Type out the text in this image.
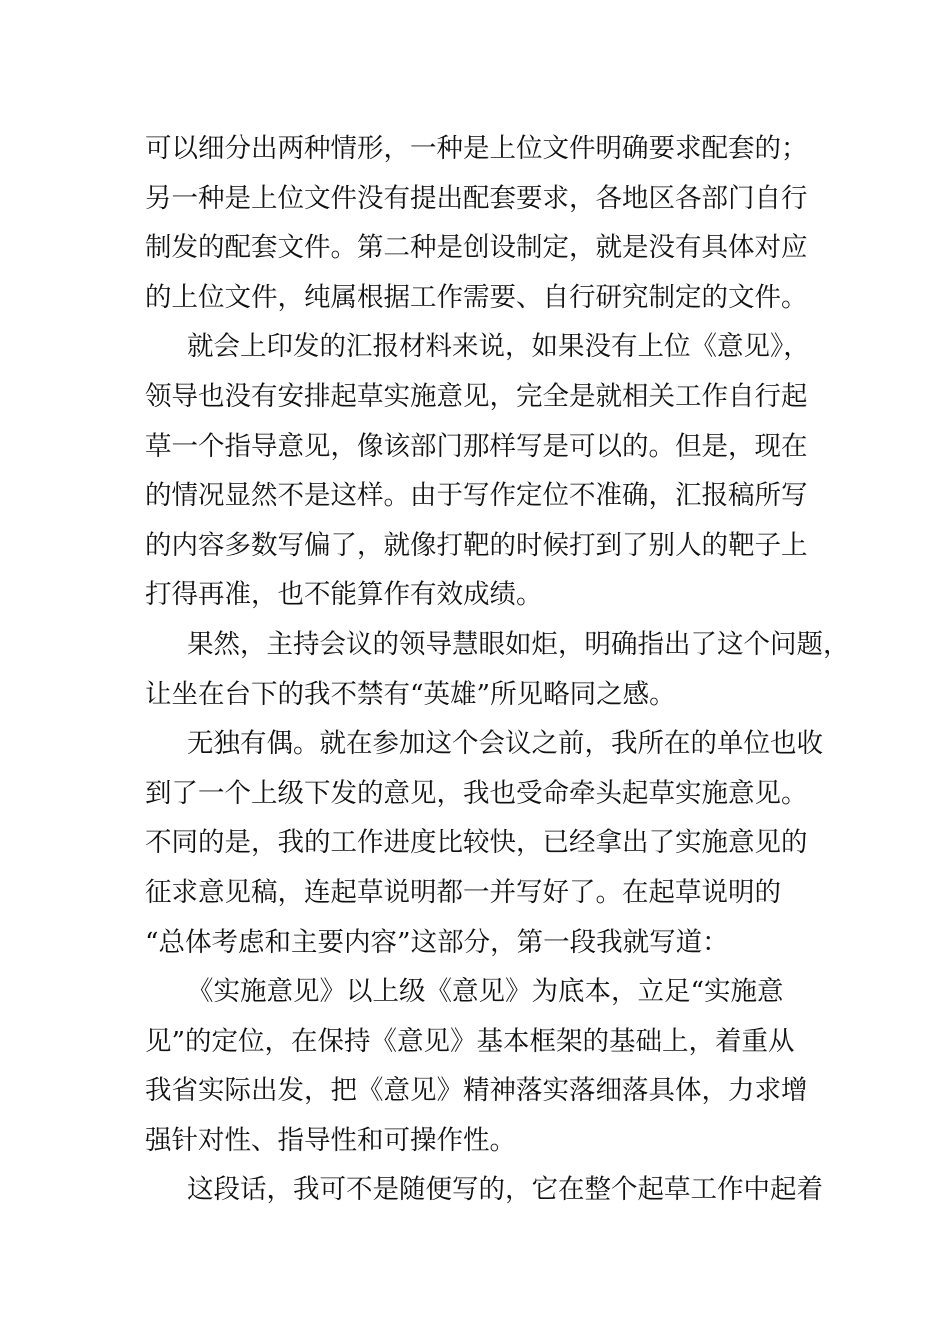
可以细分出两种情形，一种是上位文件明确要求配套的；
另一种是上位文件没有提出配套要求，各地区各部门自行
制发的配套文件。第二种是创设制定，就是没有具体对应
的上位文件，纯属根据工作需要、自行研究制定的文件。
就会上印发的汇报材料来说，如果没有上位《意见》，
领导也没有安排起草实施意见，完全是就相关工作自行起
草一个指导意见，像该部门那样写是可以的。但是，现在
的情况显然不是这样。由于写作定位不准确，汇报稿所写
的内容多数写偏了，就像打靶的时候打到了别人的靶子上
打得再准，也不能算作有效成绩。
果然，主持会议的领导慧眼如炬，明确指出了这个问题，
让坐在台下的我不禁有“英雄”所见略同之感。
无独有偶。就在参加这个会议之前，我所在的单位也收
到了一个上级下发的意见，我也受命牵头起草实施意见。
不同的是，我的工作进度比较快，已经拿出了实施意见的
征求意见稿，连起草说明都一并写好了。在起草说明的
“总体考虑和主要内容”这部分，第一段我就写道：
《实施意见》以上级《意见》为底本，立足“实施意
见”的定位，在保持《意见》基本框架的基础上，着重从
我省实际出发，把《意见》精神落实落细落具体，力求增
强针对性、指导性和可操作性。
这段话，我可不是随便写的，它在整个起草工作中起着
